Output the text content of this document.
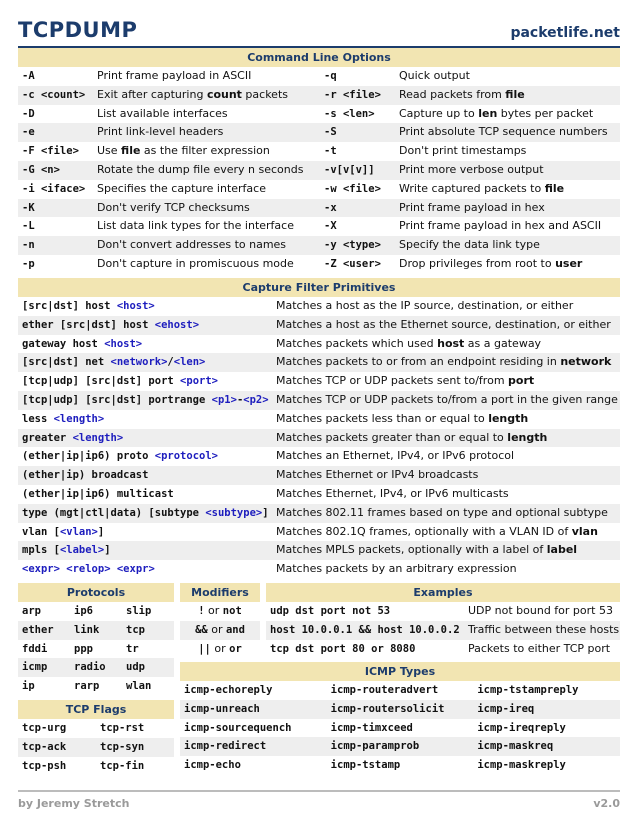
TCPDUMP	packetlife.net
Command Line Options
-A	Print frame payload in ASCII	-q	Quick output
-c <count>	Exit after capturing count packets	-r <file>	Read packets from file
-D	List available interfaces	-s <len>	Capture up to len bytes per packet
-e	Print link-level headers	-S	Print absolute TCP sequence numbers
-F <file>	Use file as the filter expression	-t	Don't print timestamps
-G <n>	Rotate the dump file every n seconds	-v[v[v]]	Print more verbose output
-i <iface>	Specifies the capture interface	-w <file>	Write captured packets to file
-K	Don't verify TCP checksums	-x	Print frame payload in hex
-L	List data link types for the interface	-X	Print frame payload in hex and ASCII
-n	Don't convert addresses to names	-y <type>	Specify the data link type
-p	Don't capture in promiscuous mode	-Z <user>	Drop privileges from root to user
Capture Filter Primitives
[src|dst] host <host>	Matches a host as the IP source, destination, or either
ether [src|dst] host <ehost>	Matches a host as the Ethernet source, destination, or either
gateway host <host>	Matches packets which used host as a gateway
[src|dst] net <network>/<len>	Matches packets to or from an endpoint residing in network
[tcp|udp] [src|dst] port <port>	Matches TCP or UDP packets sent to/from port
[tcp|udp] [src|dst] portrange <p1>-<p2> Matches TCP or UDP packets to/from a port in the given range
less <length>	Matches packets less than or equal to length
greater <length>	Matches packets greater than or equal to length
(ether|ip|ip6) proto <protocol>	Matches an Ethernet, IPv4, or IPv6 protocol
(ether|ip) broadcast	Matches Ethernet or IPv4 broadcasts
(ether|ip|ip6) multicast	Matches Ethernet, IPv4, or IPv6 multicasts
type (mgt|ctl|data) [subtype <subtype>] Matches 802.11 frames based on type and optional subtype
vlan [<vlan>]	Matches 802.1Q frames, optionally with a VLAN ID of vlan
mpls [<label>]	Matches MPLS packets, optionally with a label of label
<expr> <relop> <expr>	Matches packets by an arbitrary expression
Protocols
arp	ip6	slip
ether	link	tcp
fddi	ppp	tr
icmp	radio	udp
ip	rarp	wlan
Modifiers
! or not
&& or and
|| or or
Examples
udp dst port not 53	UDP not bound for port 53
host 10.0.0.1 && host 10.0.0.2 Traffic between these hosts
tcp dst port 80 or 8080	Packets to either TCP port
TCP Flags
tcp-urg	tcp-rst
tcp-ack	tcp-syn
tcp-psh	tcp-fin
ICMP Types
icmp-echoreply	icmp-routeradvert	icmp-tstampreply
icmp-unreach	icmp-routersolicit	icmp-ireq
icmp-sourcequench	icmp-timxceed	icmp-ireqreply
icmp-redirect	icmp-paramprob	icmp-maskreq
icmp-echo	icmp-tstamp	icmp-maskreply
by Jeremy Stretch	v2.0
